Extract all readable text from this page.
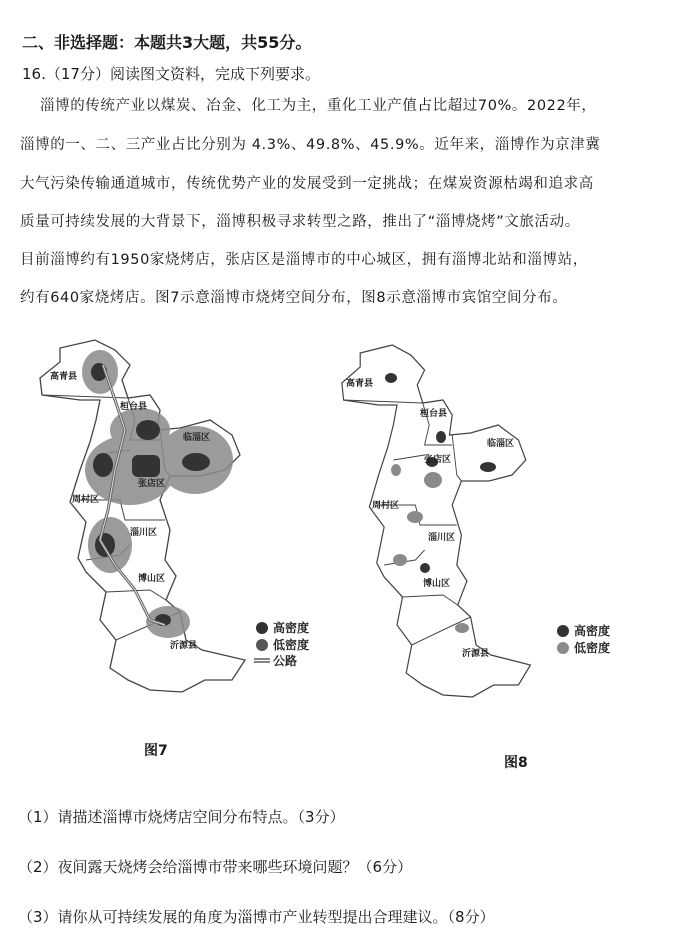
二、非选择题：本题共3大题，共55分。
16.（17分）阅读图文资料，完成下列要求。
淄博的传统产业以煤炭、冶金、化工为主，重化工业产值占比超过70%。2022年，
淄博的一、二、三产业占比分别为 4.3%、49.8%、45.9%。近年来，淄博作为京津冀
大气污染传输通道城市，传统优势产业的发展受到一定挑战；在煤炭资源枯竭和追求高
质量可持续发展的大背景下，淄博积极寻求转型之路，推出了“淄博烧烤”文旅活动。
目前淄博约有1950家烧烤店，张店区是淄博市的中心城区，拥有淄博北站和淄博站，
约有640家烧烤店。图7示意淄博市烧烤空间分布，图8示意淄博市宾馆空间分布。
高青县
桓台县
临淄区
张店区
周村区
淄川区
博山区
沂源县
高密度
低密度
公路
高青县
桓台县
临淄区
张店区
周村区
淄川区
博山区
沂源县
高密度
低密度
图7
图8
（1）请描述淄博市烧烤店空间分布特点。（3分）
（2）夜间露天烧烤会给淄博市带来哪些环境问题？（6分）
（3）请你从可持续发展的角度为淄博市产业转型提出合理建议。（8分）
